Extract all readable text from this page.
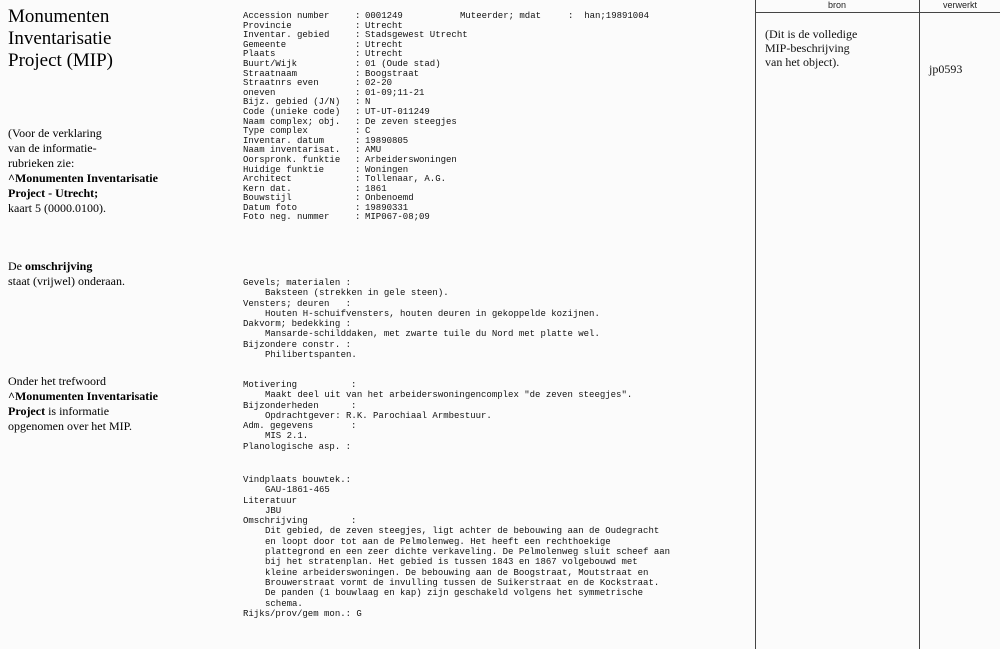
Monumenten
Inventarisatie
Project (MIP)
(Voor de verklaring
van de informatie-
rubrieken zie:
^Monumenten Inventarisatie
Project - Utrecht;
kaart 5 (0000.0100).
De omschrijving
staat (vrijwel) onderaan.
Onder het trefwoord
^Monumenten Inventarisatie
Project is informatie
opgenomen over het MIP.
Accession number	: 0001249
Provincie	: Utrecht
Inventar. gebied	: Stadsgewest Utrecht
Gemeente	: Utrecht
Plaats	: Utrecht
Buurt/Wijk	: 01 (Oude stad)
Straatnaam	: Boogstraat
Straatnrs even	: 02-20
oneven	: 01-09;11-21
Bijz. gebied (J/N) : N
Code (unieke code) : UT-UT-011249
Naam complex; obj. : De zeven steegjes
Type complex	: C
Inventar. datum	: 19890805
Naam inventarisat. : AMU
Oorspronk. funktie : Arbeiderswoningen
Huidige funktie	: Woningen
Architect	: Tollenaar, A.G.
Kern dat.	: 1861
Bouwstijl	: Onbenoemd
Datum foto	: 19890331
Foto neg. nummer	: MIP067-08;09
Muteerder; mdat	:  han;19891004
Gevels; materialen :
Baksteen (strekken in gele steen).
Vensters; deuren   :
Houten H-schuifvensters, houten deuren in gekoppelde kozijnen.
Dakvorm; bedekking :
Mansarde-schilddaken, met zwarte tuile du Nord met platte wel.
Bijzondere constr. :
Philibertspanten.
Motivering          :
Maakt deel uit van het arbeiderswoningencomplex "de zeven steegjes".
Bijzonderheden      :
Opdrachtgever: R.K. Parochiaal Armbestuur.
Adm. gegevens       :
MIS 2.1.
Planologische asp. :
Vindplaats bouwtek.:
GAU-1861-465
Literatuur
JBU
Omschrijving        :
Dit gebied, de zeven steegjes, ligt achter de bebouwing aan de Oudegracht
en loopt door tot aan de Pelmolenweg. Het heeft een rechthoekige
plattegrond en een zeer dichte verkaveling. De Pelmolenweg sluit scheef aan
bij het stratenplan. Het gebied is tussen 1843 en 1867 volgebouwd met
kleine arbeiderswoningen. De bebouwing aan de Boogstraat, Moutstraat en
Brouwerstraat vormt de invulling tussen de Suikerstraat en de Kockstraat.
De panden (1 bouwlaag en kap) zijn geschakeld volgens het symmetrische
schema.
Rijks/prov/gem mon.: G
bron	verwerkt
(Dit is de volledige
MIP-beschrijving
van het object).	jp0593
